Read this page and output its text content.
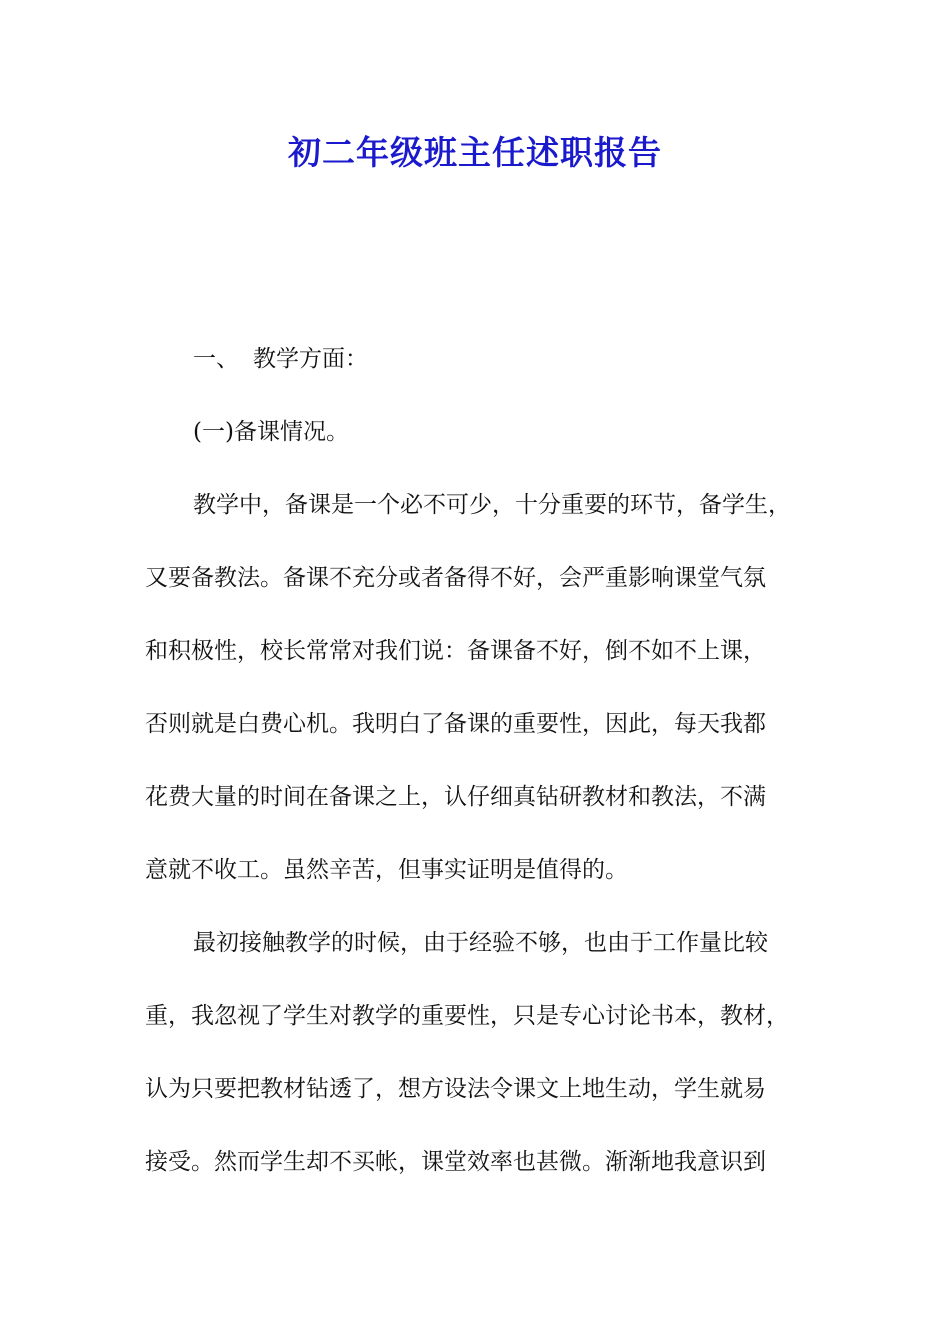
初二年级班主任述职报告
一、 教学方面：
(一)备课情况。
教学中，备课是一个必不可少，十分重要的环节，备学生，
又要备教法。备课不充分或者备得不好，会严重影响课堂气氛
和积极性，校长常常对我们说：备课备不好，倒不如不上课，
否则就是白费心机。我明白了备课的重要性，因此，每天我都
花费大量的时间在备课之上，认仔细真钻研教材和教法，不满
意就不收工。虽然辛苦，但事实证明是值得的。
最初接触教学的时候，由于经验不够，也由于工作量比较
重，我忽视了学生对教学的重要性，只是专心讨论书本，教材，
认为只要把教材钻透了，想方设法令课文上地生动，学生就易
接受。然而学生却不买帐，课堂效率也甚微。渐渐地我意识到
